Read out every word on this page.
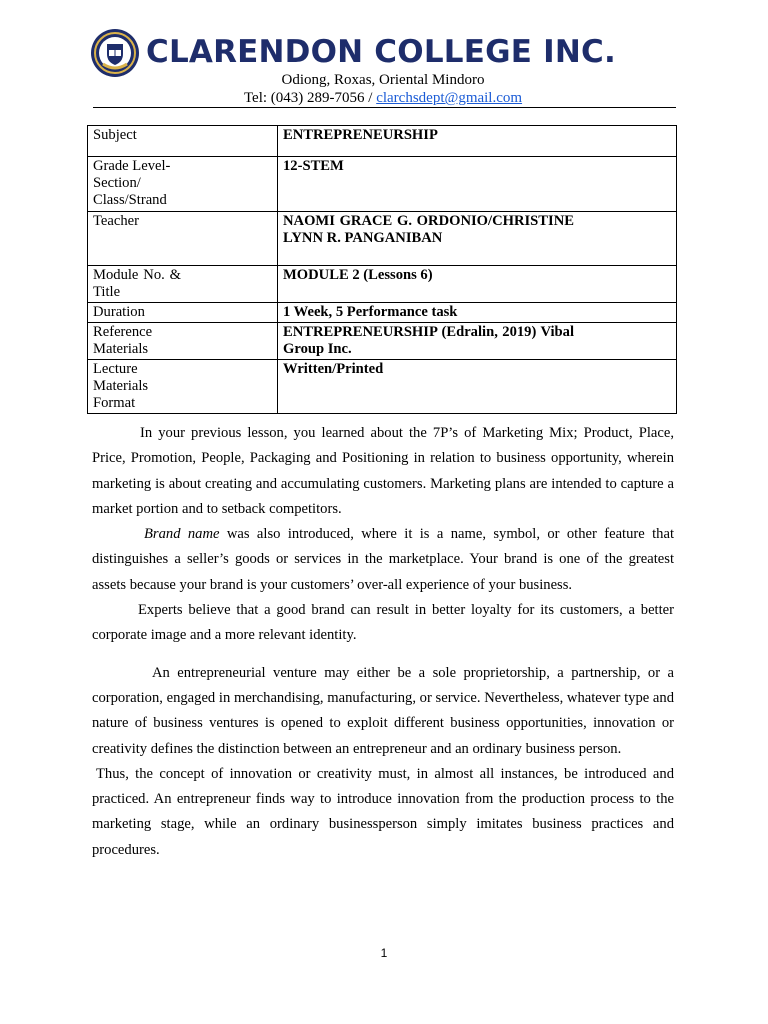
CLARENDON COLLEGE INC.
Odiong, Roxas, Oriental Mindoro
Tel: (043) 289-7056 / clarchsdept@gmail.com
Subject	ENTREPRENEURSHIP

Grade Level-Section/ Class/Strand	12-STEM
Teacher	NAOMI GRACE G. ORDONIO/CHRISTINE LYNN R. PANGANIBAN

Module No. & Title	MODULE 2 (Lessons 6)
Duration	1 Week, 5 Performance task

Reference Materials	ENTREPRENEURSHIP (Edralin, 2019) Vibal Group Inc.

Lecture Materials Format	Written/Printed

In your previous lesson, you learned about the 7P’s of Marketing Mix; Product, Place, Price, Promotion, People, Packaging and Positioning in relation to business opportunity, wherein marketing is about creating and accumulating customers. Marketing plans are intended to capture a market portion and to setback competitors.

Brand name was also introduced, where it is a name, symbol, or other feature that distinguishes a seller’s goods or services in the marketplace. Your brand is one of the greatest assets because your brand is your customers’ over-all experience of your business.

Experts believe that a good brand can result in better loyalty for its customers, a better corporate image and a more relevant identity.

An entrepreneurial venture may either be a sole proprietorship, a partnership, or a corporation, engaged in merchandising, manufacturing, or service. Nevertheless, whatever type and nature of business ventures is opened to exploit different business opportunities, innovation or creativity defines the distinction between an entrepreneur and an ordinary business person.

Thus, the concept of innovation or creativity must, in almost all instances, be introduced and practiced. An entrepreneur finds way to introduce innovation from the production process to the marketing stage, while an ordinary businessperson simply imitates business practices and procedures.

1
